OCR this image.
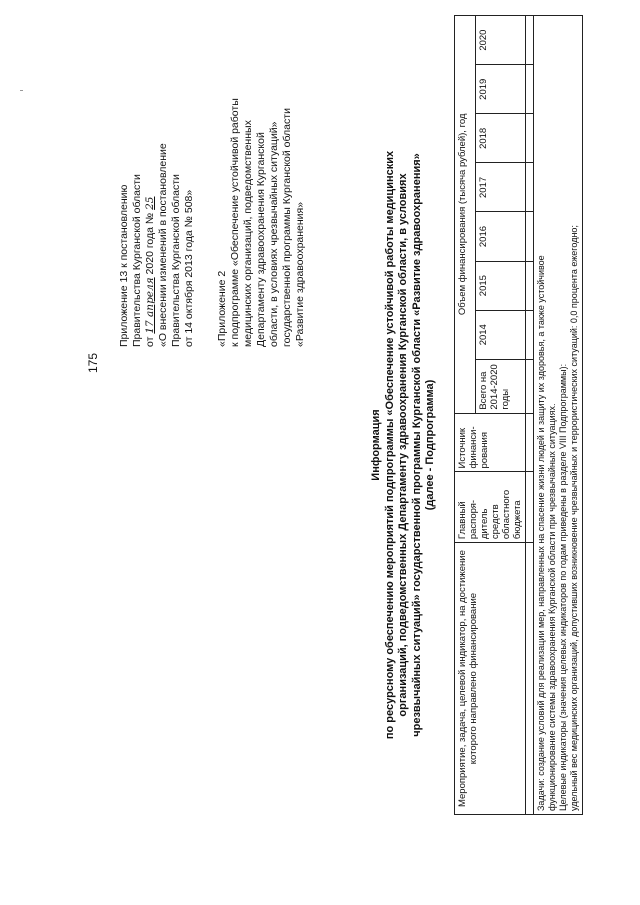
175
Приложение 13 к постановлению Правительства Курганской области от 17 апреля 2020 года № 25 «О внесении изменений в постановление Правительства Курганской области от 14 октября 2013 года № 508» «Приложение 2 к подпрограмме «Обеспечение устойчивой работы медицинских организаций, подведомственных Департаменту здравоохранения Курганской области, в условиях чрезвычайных ситуаций» государственной программы Курганской области «Развитие здравоохранения»
Информация по ресурсному обеспечению мероприятий подпрограммы «Обеспечение устойчивой работы медицинских организаций, подведомственных Департаменту здравоохранения Курганской области, в условиях чрезвычайных ситуаций» государственной программы Курганской области «Развитие здравоохранения» (далее - Подпрограмма)
Мероприятие, задача, целевой индикатор, на достижение которого направлено финансирование	Главный распоря- дитель средств областного бюджета	Источник финанси- рования	Объем финансирования (тысяча рублей), год							
			Всего на 2014-2020 годы	2014	2015	2016	2017	2018	2019	2020

Задачи: создание условий для реализации мер, направленных на спасение жизни людей и защиту их здоровья, а также устойчивое функционирование системы здравоохранения Курганской области при чрезвычайных ситуациях. Целевые индикаторы (значения целевых индикаторов по годам приведены в разделе VIII Подпрограммы): удельный вес медицинских организаций, допустивших возникновение чрезвычайных и террористических ситуаций: 0,0 процента ежегодно;										
